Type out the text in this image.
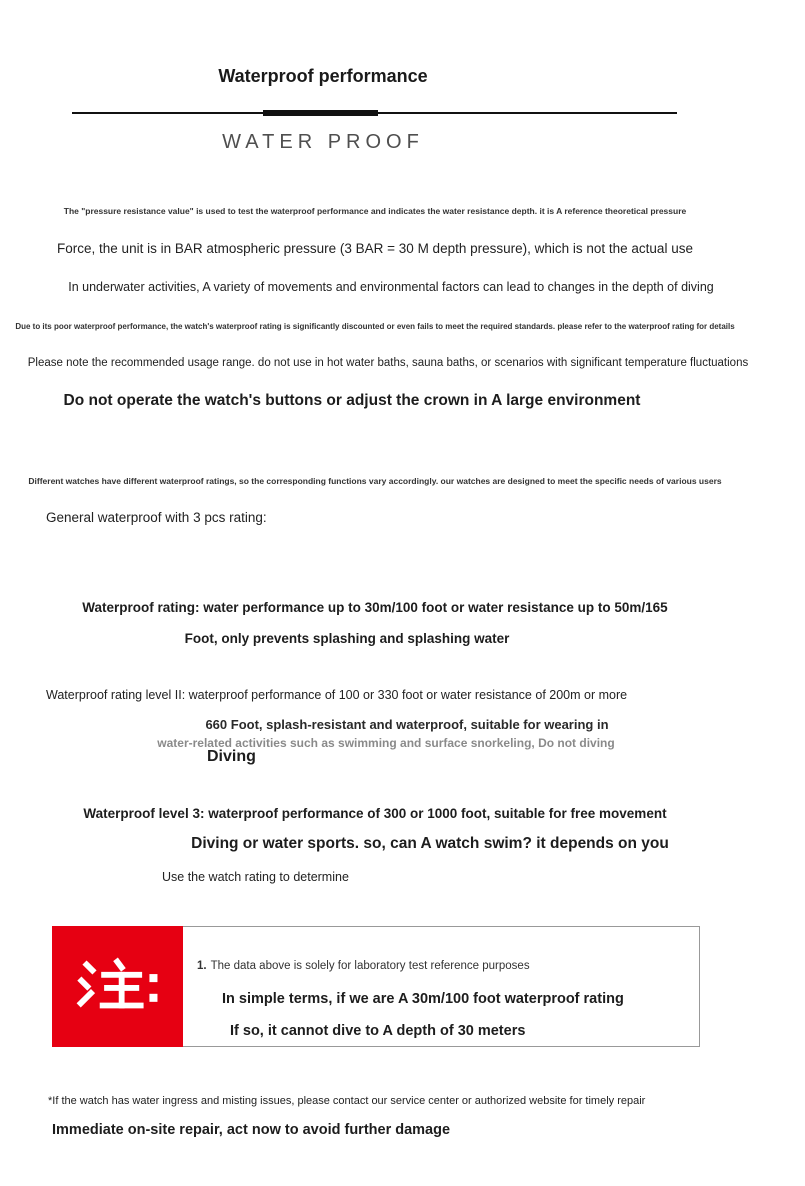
Waterproof performance
WATER PROOF

The "pressure resistance value" is used to test the waterproof performance and indicates the water resistance depth. it is A reference theoretical pressure

Force, the unit is in BAR atmospheric pressure (3 BAR = 30 M depth pressure), which is not the actual use

In underwater activities, A variety of movements and environmental factors can lead to changes in the depth of diving

Due to its poor waterproof performance, the watch's waterproof rating is significantly discounted or even fails to meet the required standards. please refer to the waterproof rating for details

Please note the recommended usage range. do not use in hot water baths, sauna baths, or scenarios with significant temperature fluctuations

Do not operate the watch's buttons or adjust the crown in A large environment

Different watches have different waterproof ratings, so the corresponding functions vary accordingly. our watches are designed to meet the specific needs of various users

General waterproof with 3 pcs rating:

Waterproof rating: water performance up to 30m/100 foot or water resistance up to 50m/165

Foot, only prevents splashing and splashing water

Waterproof rating level II: waterproof performance of 100 or 330 foot or water resistance of 200m or more

660 Foot, splash-resistant and waterproof, suitable for wearing in

water-related activities such as swimming and surface snorkeling, Do not diving

Diving

Waterproof level 3: waterproof performance of 300 or 1000 foot, suitable for free movement

Diving or water sports. so, can A watch swim? it depends on you

Use the watch rating to determine

1. The data above is solely for laboratory test reference purposes

In simple terms, if we are A 30m/100 foot waterproof rating

If so, it cannot dive to A depth of 30 meters

*If the watch has water ingress and misting issues, please contact our service center or authorized website for timely repair

Immediate on-site repair, act now to avoid further damage
